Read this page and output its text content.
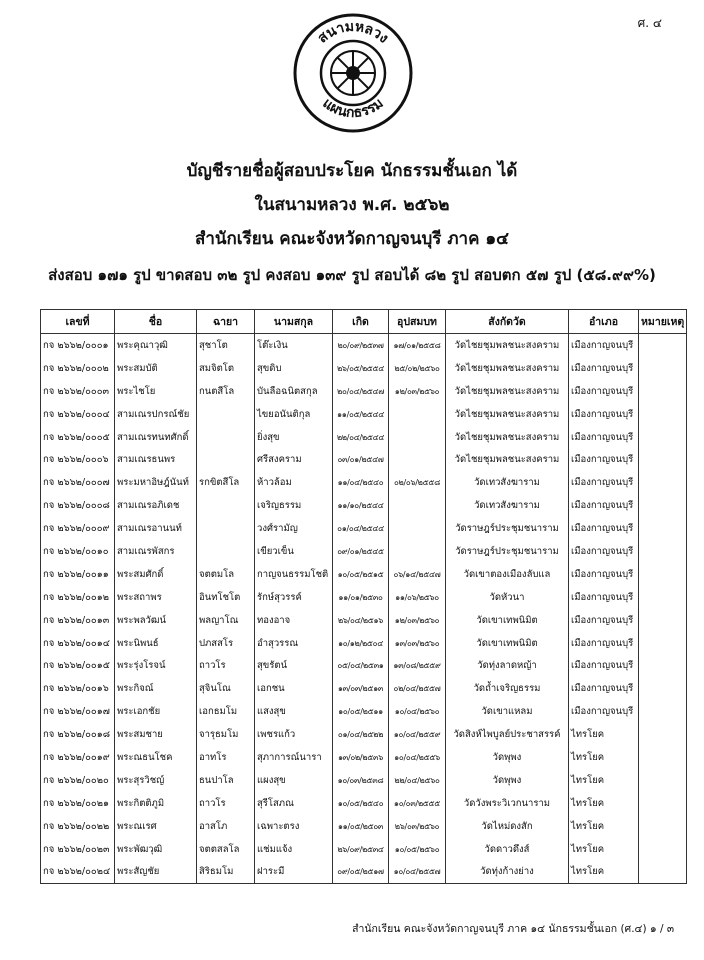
ศ. ๔
สนามหลวง
แผนกธรรม
บัญชีรายชื่อผู้สอบประโยค นักธรรมชั้นเอก ได้
ในสนามหลวง พ.ศ. ๒๕๖๒
สำนักเรียน คณะจังหวัดกาญจนบุรี ภาค ๑๔
ส่งสอบ ๑๗๑ รูป ขาดสอบ ๓๒ รูป คงสอบ ๑๓๙ รูป สอบได้ ๘๒ รูป สอบตก ๕๗ รูป (๕๘.๙๙%)
เลขที่	ชื่อ	ฉายา	นามสกุล	เกิด	อุปสมบท	สังกัดวัด	อำเภอ	หมายเหตุ
กจ ๒๖๖๒/๐๐๐๑	พระคุณาวุฒิ	สุชาโต	โต๊ะเงิน	๒๐/๐๙/๒๕๓๗	๑๗/๐๑/๒๕๕๘	วัดไชยชุมพลชนะสงคราม	เมืองกาญจนบุรี	
กจ ๒๖๖๒/๐๐๐๒	พระสมบัติ	สมจิตโต	สุขดิบ	๒๖/๐๕/๒๕๕๔	๒๕/๐๒/๒๕๖๐	วัดไชยชุมพลชนะสงคราม	เมืองกาญจนบุรี	
กจ ๒๖๖๒/๐๐๐๓	พระไชโย	กนตสีโล	บันลือฉนิตสกุล	๒๐/๐๔/๒๕๔๗	๑๒/๐๓/๒๕๖๐	วัดไชยชุมพลชนะสงคราม	เมืองกาญจนบุรี	
กจ ๒๖๖๒/๐๐๐๔	สามเณรปกรณ์ชัย		ไขยอนันติกุล	๑๑/๐๕/๒๕๔๔		วัดไชยชุมพลชนะสงคราม	เมืองกาญจนบุรี	
กจ ๒๖๖๒/๐๐๐๕	สามเณรทนทศักดิ์		ยิ่งสุข	๒๒/๐๔/๒๕๔๔		วัดไชยชุมพลชนะสงคราม	เมืองกาญจนบุรี	
กจ ๒๖๖๒/๐๐๐๖	สามเณรธนพร		ศรีสงคราม	๐๓/๐๑/๒๕๔๗		วัดไชยชุมพลชนะสงคราม	เมืองกาญจนบุรี	
กจ ๒๖๖๒/๐๐๐๗	พระมหาอิษฎ์นันท์	รกขิตสีโล	ห้าวล้อม	๑๑/๐๔/๒๕๔๐	๐๒/๐๖/๒๕๕๘	วัดเทวสังฆาราม	เมืองกาญจนบุรี	
กจ ๒๖๖๒/๐๐๐๘	สามเณรอภิเดช		เจริญธรรม	๑๑/๑๐/๒๕๔๔		วัดเทวสังฆาราม	เมืองกาญจนบุรี	
กจ ๒๖๖๒/๐๐๐๙	สามเณรอานนท์		วงศ์รามัญ	๐๑/๐๔/๒๕๔๔		วัดราษฎร์ประชุมชนาราม	เมืองกาญจนบุรี	
กจ ๒๖๖๒/๐๐๑๐	สามเณรพัสกร		เขียวเข็น	๐๙/๐๑/๒๕๔๕		วัดราษฎร์ประชุมชนาราม	เมืองกาญจนบุรี	
กจ ๒๖๖๒/๐๐๑๑	พระสมศักดิ์	จตตมโล	กาญจนธรรมโชติ	๑๐/๐๕/๒๕๑๕	๐๖/๑๔/๒๕๔๗	วัดเขาตองเมืองลับแล	เมืองกาญจนบุรี	
กจ ๒๖๖๒/๐๐๑๒	พระสถาพร	อินทโชโต	รักษ์สุวรรค์	๑๑/๐๑/๒๕๓๐	๑๑/๐๖/๒๕๖๐	วัดหัวนา	เมืองกาญจนบุรี	
กจ ๒๖๖๒/๐๐๑๓	พระพลวัฒน์	พลญาโณ	ทองอาจ	๒๖/๐๔/๒๕๑๖	๑๒/๐๓/๒๕๖๐	วัดเขาเทพนิมิต	เมืองกาญจนบุรี	
กจ ๒๖๖๒/๐๐๑๔	พระนิพนธ์	ปภสสโร	อำสุวรรณ	๑๐/๑๒/๒๕๐๔	๑๓/๐๓/๒๕๖๐	วัดเขาเทพนิมิต	เมืองกาญจนบุรี	
กจ ๒๖๖๒/๐๐๑๕	พระรุ่งโรจน์	ถาวโร	สุขรัตน์	๐๕/๐๔/๒๕๓๑	๑๓/๐๘/๒๕๕๙	วัดทุ่งลาดหญ้า	เมืองกาญจนบุรี	
กจ ๒๖๖๒/๐๐๑๖	พระกิจณ์	สุจินโณ	เอกชน	๑๓/๐๓/๒๕๑๓	๐๒/๐๔/๒๕๕๗	วัดถ้ำเจริญธรรม	เมืองกาญจนบุรี	
กจ ๒๖๖๒/๐๐๑๗	พระเอกชัย	เอกธมโม	แสงสุข	๑๐/๐๕/๒๕๑๑	๑๐/๐๔/๒๕๖๐	วัดเขาแหลม	เมืองกาญจนบุรี	
กจ ๒๖๖๒/๐๐๑๘	พระสมชาย	จารุธมโม	เพชรแก้ว	๐๑/๐๔/๒๕๒๒	๑๐/๐๔/๒๕๕๙	วัดสิงห์ไพบูลย์ประชาสรรค์	ไทรโยค	
กจ ๒๖๖๒/๐๐๑๙	พระณธนโชค	อาทโร	สุภาการณ์นารา	๑๓/๐๒/๒๕๓๖	๑๐/๐๔/๒๕๕๖	วัดพุพง	ไทรโยค	
กจ ๒๖๖๒/๐๐๒๐	พระสุรวิชญ์	ธนปาโล	แผงสุข	๑๐/๐๓/๒๕๓๘	๒๒/๐๔/๒๕๖๐	วัดพุพง	ไทรโยค	
กจ ๒๖๖๒/๐๐๒๑	พระกิตติภูมิ	ถาวโร	สุรีโสภณ	๑๐/๐๕/๒๕๔๐	๑๐/๐๓/๒๕๕๕	วัดวังพระวิเวกนาราม	ไทรโยค	
กจ ๒๖๖๒/๐๐๒๒	พระณเรศ	อาสโภ	เฉพาะตรง	๑๑/๐๕/๒๕๐๓	๒๖/๐๓/๒๕๖๐	วัดไหม่ดงสัก	ไทรโยค	
กจ ๒๖๖๒/๐๐๒๓	พระพัฒวุฒิ	จตตสลโล	แช่มแจ้ง	๒๖/๐๙/๒๕๓๔	๑๐/๐๕/๒๕๖๐	วัดดาวดึงส์	ไทรโยค	
กจ ๒๖๖๒/๐๐๒๔	พระสัญชัย	สิริธมโม	ฝาระมี	๐๙/๐๕/๒๕๑๗	๑๐/๐๔/๒๕๕๗	วัดทุ่งก้างย่าง	ไทรโยค	
สำนักเรียน คณะจังหวัดกาญจนบุรี ภาค ๑๔ นักธรรมชั้นเอก (ศ.๔) ๑ / ๓
